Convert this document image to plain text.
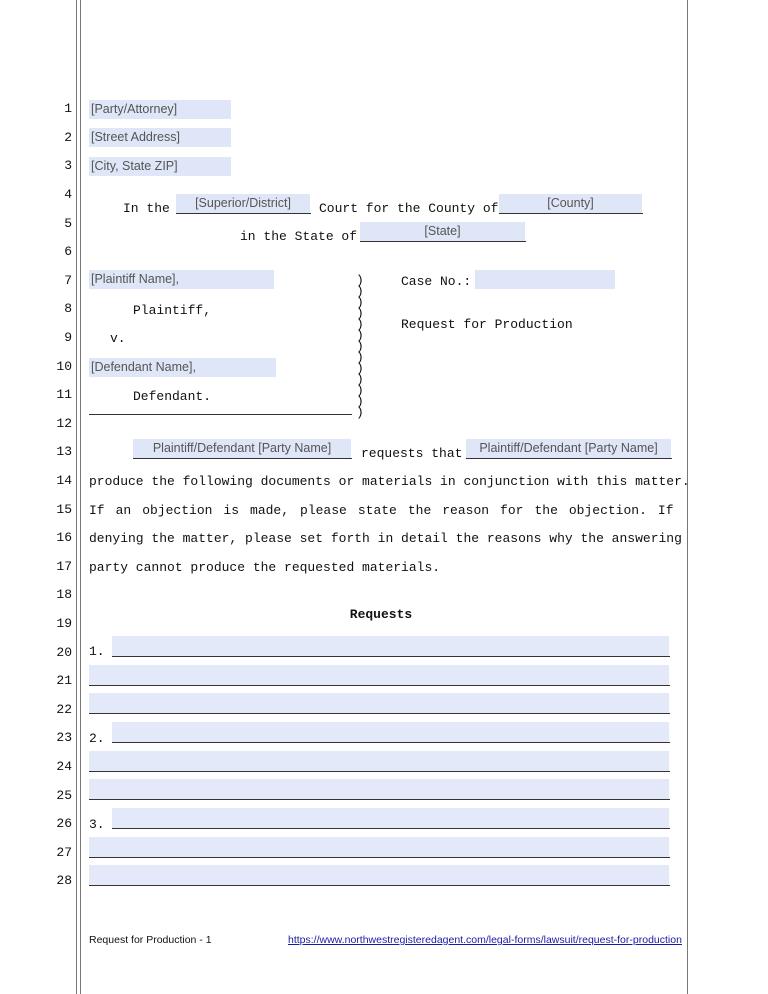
1
2
3
4
5
6
7
8
9
10
11
12
13
14
15
16
17
18
19
20
21
22
23
24
25
26
27
28
[Party/Attorney]
[Street Address]
[City, State ZIP]
In the	[Superior/District]	Court for the County of	[County]
in the State of	[State]
[Plaintiff Name],
Plaintiff,
v.
[Defendant Name],
Defendant.
)
)
)
)
)
)
)
)
)
)
)
)
)
Case No.:
Request for Production
Plaintiff/Defendant [Party Name]	requests that	Plaintiff/Defendant [Party Name]
produce the following documents or materials in conjunction with this matter.
If an objection is made, please state the reason for the objection. If
denying the matter, please set forth in detail the reasons why the answering
party cannot produce the requested materials.
Requests
1.
2.
3.
Request for Production - 1	https://www.northwestregisteredagent.com/legal-forms/lawsuit/request-for-production
